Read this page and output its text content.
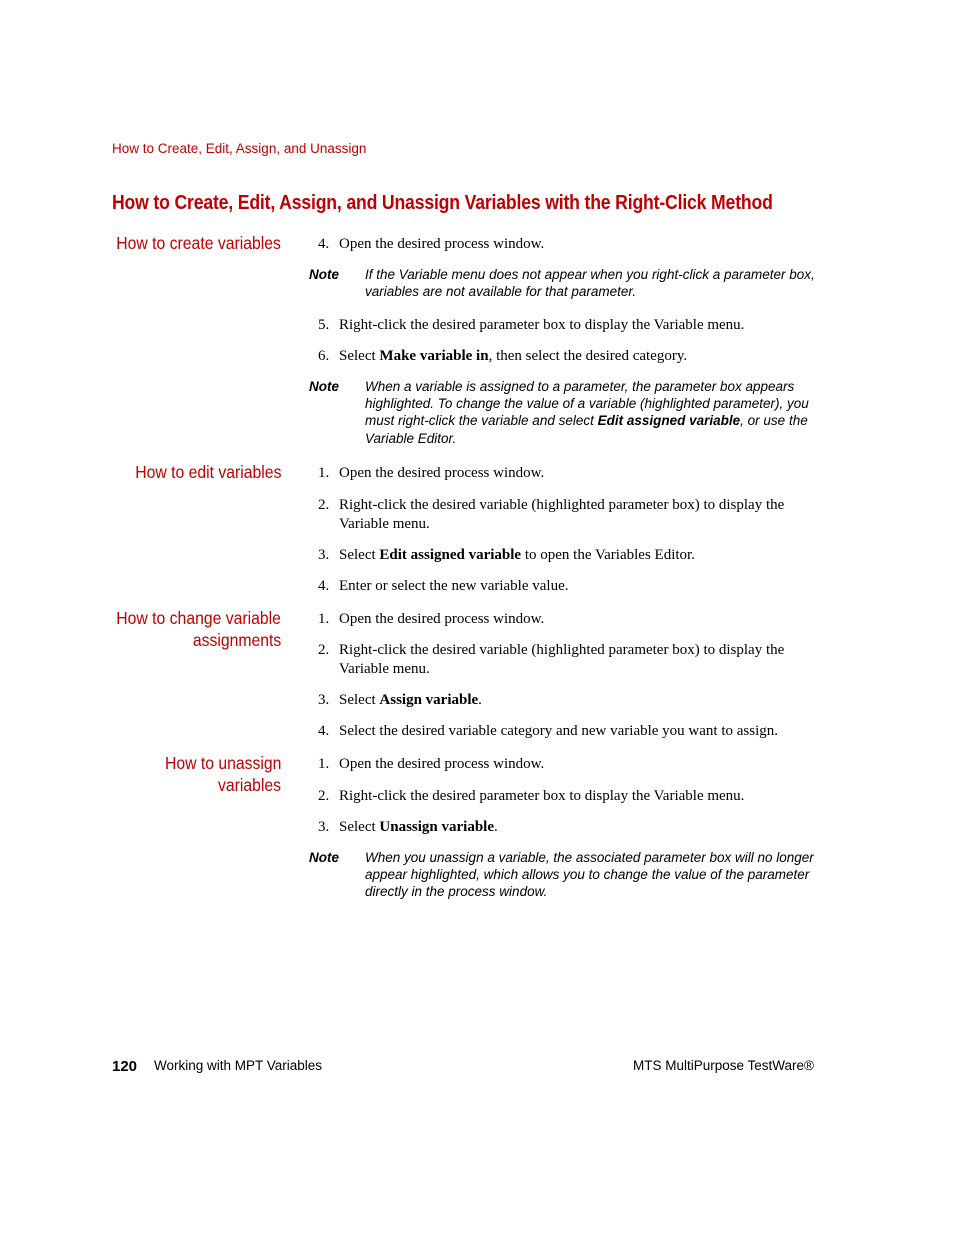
How to Create, Edit, Assign, and Unassign
How to Create, Edit, Assign, and Unassign Variables with the Right-Click Method
How to create variables 4. Open the desired process window.
Note If the Variable menu does not appear when you right-click a parameter box, variables are not available for that parameter.
5. Right-click the desired parameter box to display the Variable menu.
6. Select Make variable in, then select the desired category.
Note When a variable is assigned to a parameter, the parameter box appears highlighted. To change the value of a variable (highlighted parameter), you must right-click the variable and select Edit assigned variable, or use the Variable Editor.
How to edit variables 1. Open the desired process window.
2. Right-click the desired variable (highlighted parameter box) to display the Variable menu.
3. Select Edit assigned variable to open the Variables Editor.
4. Enter or select the new variable value.
How to change variable
assignments
1. Open the desired process window.
2. Right-click the desired variable (highlighted parameter box) to display the Variable menu.
3. Select Assign variable.
4. Select the desired variable category and new variable you want to assign.
How to unassign
variables
1. Open the desired process window.
2. Right-click the desired parameter box to display the Variable menu.
3. Select Unassign variable.
Note When you unassign a variable, the associated parameter box will no longer appear highlighted, which allows you to change the value of the parameter directly in the process window.
120 Working with MPT Variables	MTS MultiPurpose TestWare®
